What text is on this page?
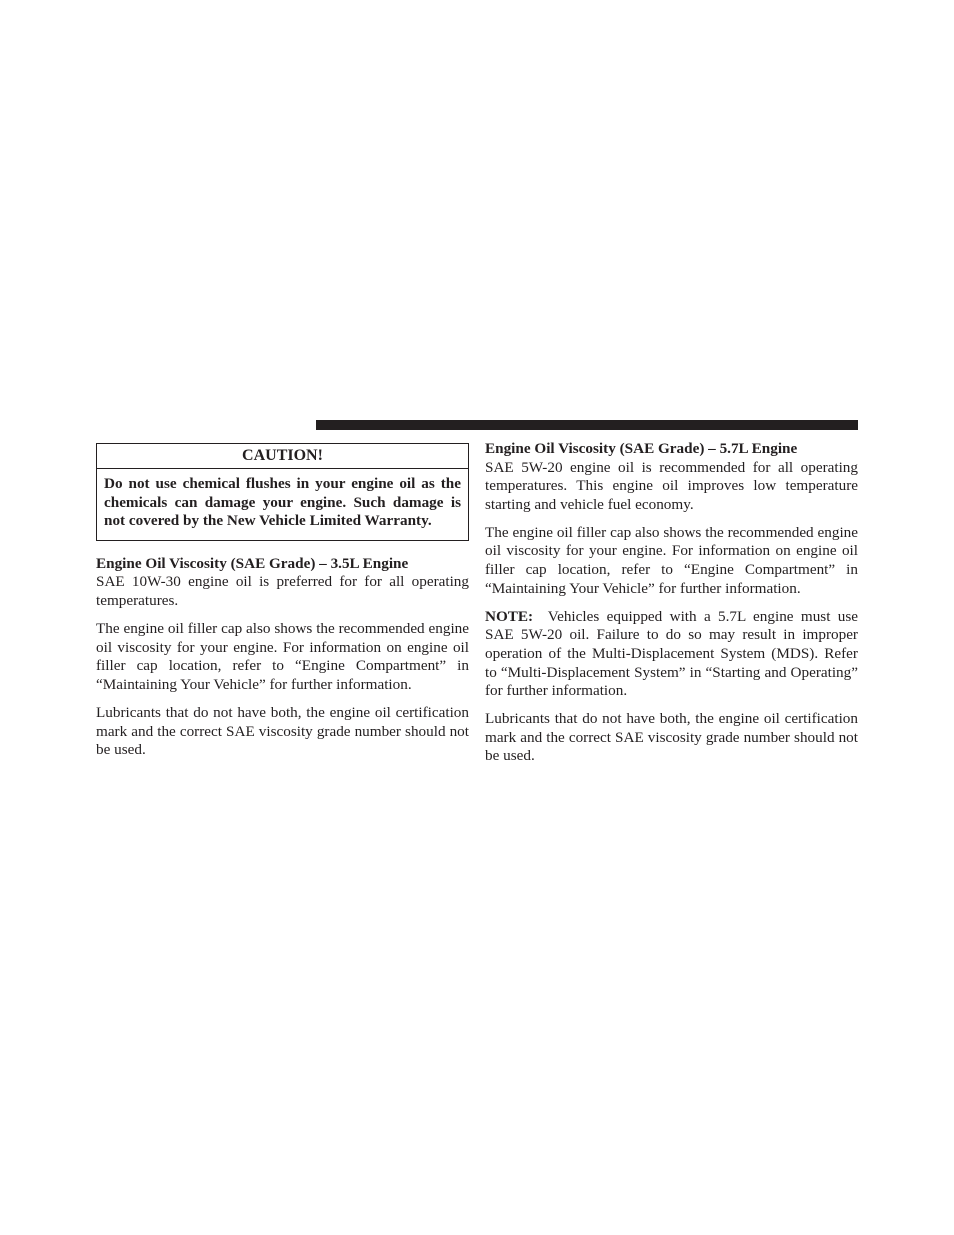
CAUTION!
Do not use chemical flushes in your engine oil as the chemicals can damage your engine. Such damage is not covered by the New Vehicle Limited Warranty.

Engine Oil Viscosity (SAE Grade) – 3.5L Engine

SAE 10W-30 engine oil is preferred for for all operating temperatures.

The engine oil filler cap also shows the recommended engine oil viscosity for your engine. For information on engine oil filler cap location, refer to “Engine Compartment” in “Maintaining Your Vehicle” for further information.

Lubricants that do not have both, the engine oil certification mark and the correct SAE viscosity grade number should not be used.

Engine Oil Viscosity (SAE Grade) – 5.7L Engine

SAE 5W-20 engine oil is recommended for all operating temperatures. This engine oil improves low temperature starting and vehicle fuel economy.

The engine oil filler cap also shows the recommended engine oil viscosity for your engine. For information on engine oil filler cap location, refer to “Engine Compartment” in “Maintaining Your Vehicle” for further information.

NOTE: Vehicles equipped with a 5.7L engine must use SAE 5W-20 oil. Failure to do so may result in improper operation of the Multi-Displacement System (MDS). Refer to “Multi-Displacement System” in “Starting and Operating” for further information.

Lubricants that do not have both, the engine oil certification mark and the correct SAE viscosity grade number should not be used.
